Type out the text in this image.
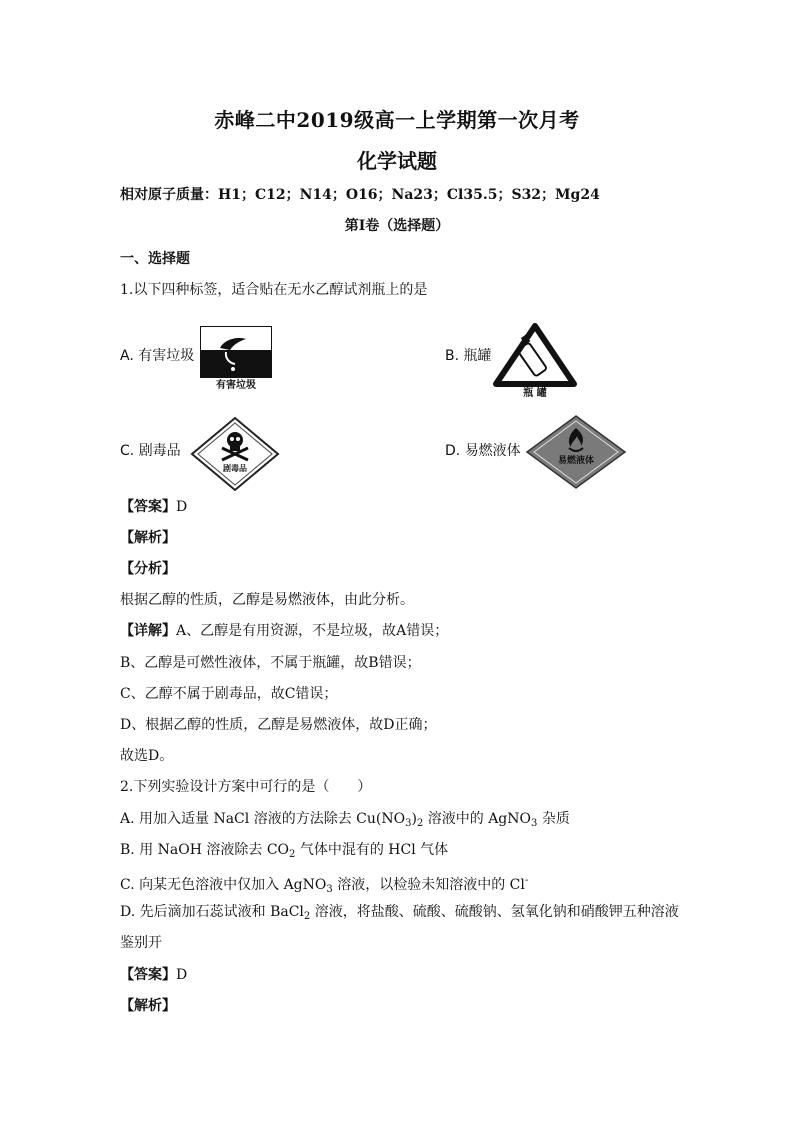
赤峰二中2019级高一上学期第一次月考
化学试题
相对原子质量：H1；C12；N14；O16；Na23；Cl35.5；S32；Mg24
第I卷（选择题）
一、选择题
1.以下四种标签，适合贴在无水乙醇试剂瓶上的是
A. 有害垃圾
有害垃圾
B. 瓶罐
瓶 罐
C. 剧毒品
剧毒品
D. 易燃液体
易燃液体
【答案】D
【解析】
【分析】
根据乙醇的性质，乙醇是易燃液体，由此分析。
【详解】A、乙醇是有用资源，不是垃圾，故A错误；
B、乙醇是可燃性液体，不属于瓶罐，故B错误；
C、乙醇不属于剧毒品，故C错误；
D、根据乙醇的性质，乙醇是易燃液体，故D正确；
故选D。
2.下列实验设计方案中可行的是（　　）
A. 用加入适量 NaCl 溶液的方法除去 $Cu(NO_3)_2$ 溶液中的 AgNO$_3$ 杂质
B. 用 NaOH 溶液除去 $CO_2$ 气体中混有的 HCl 气体
C. 向某无色溶液中仅加入 AgNO$_3$ 溶液，以检验未知溶液中的 Cl-
D. 先后滴加石蕊试液和 BaCl$_2$ 溶液，将盐酸、硫酸、硫酸钠、氢氧化钠和硝酸钾五种溶液
鉴别开
【答案】D
【解析】
